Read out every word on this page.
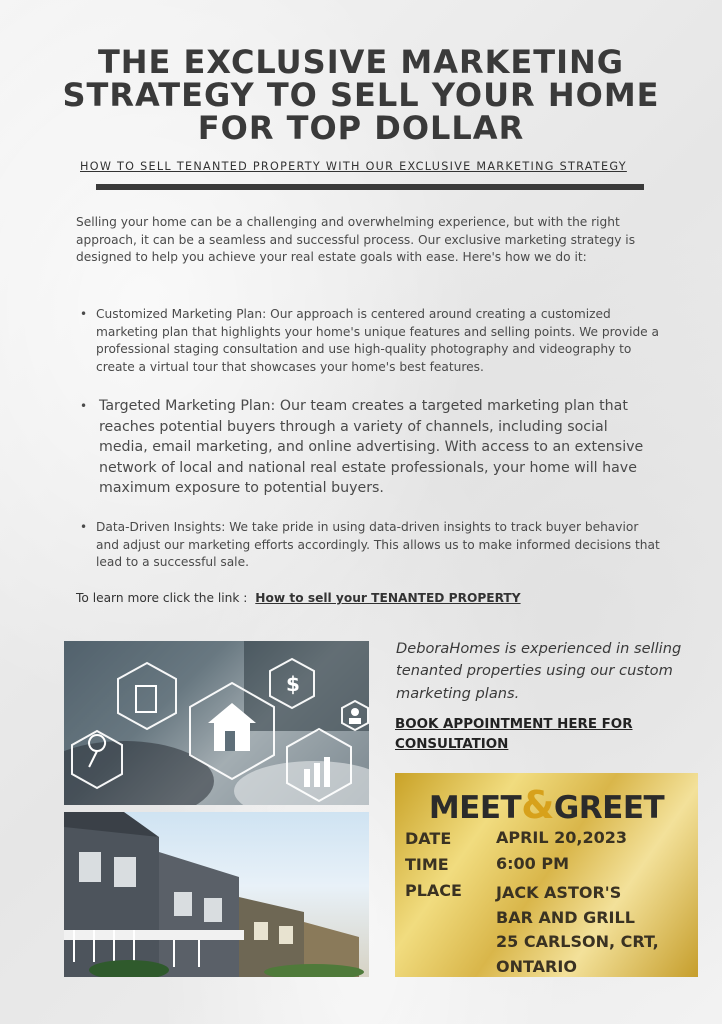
THE EXCLUSIVE MARKETING STRATEGY TO SELL YOUR HOME FOR TOP DOLLAR

HOW TO SELL TENANTED PROPERTY WITH OUR EXCLUSIVE MARKETING STRATEGY

Selling your home can be a challenging and overwhelming experience, but with the right approach, it can be a seamless and successful process. Our exclusive marketing strategy is designed to help you achieve your real estate goals with ease. Here's how we do it:

• Customized Marketing Plan: Our approach is centered around creating a customized marketing plan that highlights your home's unique features and selling points. We provide a professional staging consultation and use high-quality photography and videography to create a virtual tour that showcases your home's best features.

• Targeted Marketing Plan: Our team creates a targeted marketing plan that reaches potential buyers through a variety of channels, including social media, email marketing, and online advertising. With access to an extensive network of local and national real estate professionals, your home will have maximum exposure to potential buyers.

• Data-Driven Insights: We take pride in using data-driven insights to track buyer behavior and adjust our marketing efforts accordingly. This allows us to make informed decisions that lead to a successful sale.

To learn more click the link : How to sell your TENANTED PROPERTY

$

DeboraHomes is experienced in selling tenanted properties using our custom marketing plans.

BOOK APPOINTMENT HERE FOR CONSULTATION

MEET&GREET
DATE	APRIL 20,2023
TIME	6:00 PM
PLACE JACK ASTOR'S
BAR AND GRILL
25 CARLSON, CRT,
ONTARIO
